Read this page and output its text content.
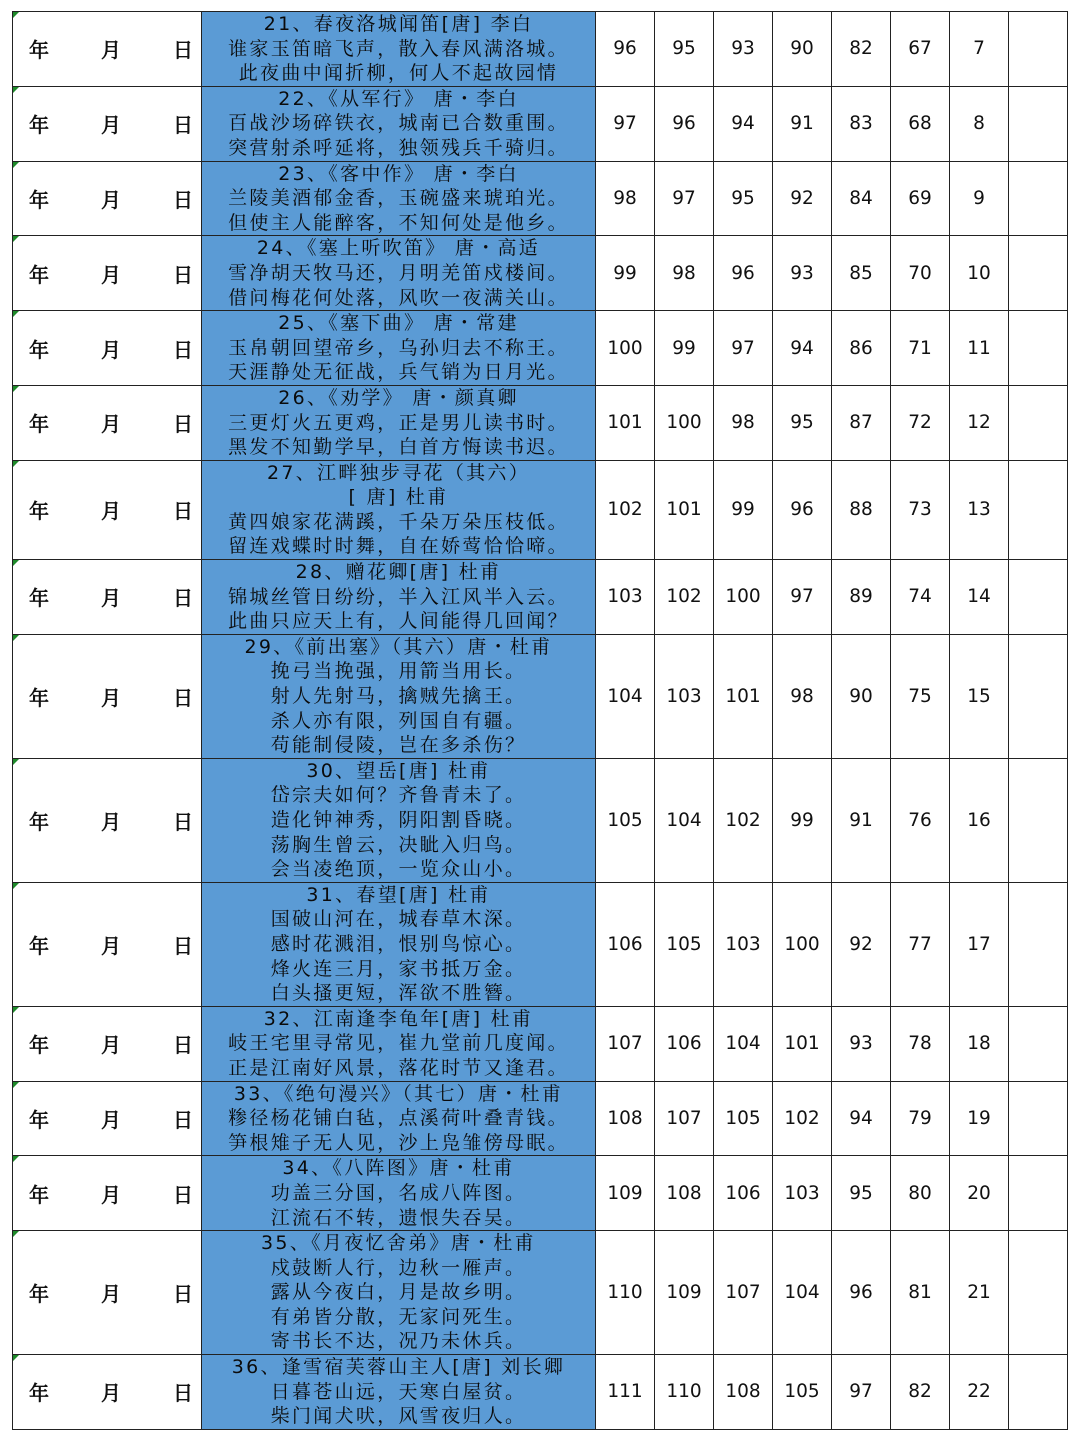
年 月 日	21、春夜洛城闻笛[唐] 李白
谁家玉笛暗飞声，散入春风满洛城。
此夜曲中闻折柳，何人不起故园情	96	95	93	90	82	67	7	

年 月 日	22、《从军行》 唐・李白
百战沙场碎铁衣，城南已合数重围。
突营射杀呼延将，独领残兵千骑归。	97	96	94	91	83	68	8	

年 月 日	23、《客中作》 唐・李白
兰陵美酒郁金香，玉碗盛来琥珀光。
但使主人能醉客，不知何处是他乡。	98	97	95	92	84	69	9	

年 月 日	24、《塞上听吹笛》 唐・高适
雪净胡天牧马还，月明羌笛戍楼间。
借问梅花何处落，风吹一夜满关山。	99	98	96	93	85	70	10	

年 月 日	25、《塞下曲》 唐・常建
玉帛朝回望帝乡，乌孙归去不称王。
天涯静处无征战，兵气销为日月光。	100	99	97	94	86	71	11	

年 月 日	26、《劝学》 唐・颜真卿
三更灯火五更鸡，正是男儿读书时。
黑发不知勤学早，白首方悔读书迟。	101	100	98	95	87	72	12	

年 月 日	27、江畔独步寻花（其六）
[ 唐] 杜甫
黄四娘家花满蹊，千朵万朵压枝低。
留连戏蝶时时舞，自在娇莺恰恰啼。	102	101	99	96	88	73	13	

年 月 日	28、赠花卿[唐] 杜甫
锦城丝管日纷纷，半入江风半入云。
此曲只应天上有，人间能得几回闻？	103	102	100	97	89	74	14	

年 月 日	29、《前出塞》（其六）唐・杜甫
挽弓当挽强，用箭当用长。
射人先射马，擒贼先擒王。
杀人亦有限，列国自有疆。
苟能制侵陵，岂在多杀伤？	104	103	101	98	90	75	15	

年 月 日	30、望岳[唐] 杜甫
岱宗夫如何？齐鲁青未了。
造化钟神秀，阴阳割昏晓。
荡胸生曾云，决眦入归鸟。
会当凌绝顶，一览众山小。	105	104	102	99	91	76	16	

年 月 日	31、春望[唐] 杜甫
国破山河在，城春草木深。
感时花溅泪，恨别鸟惊心。
烽火连三月，家书抵万金。
白头搔更短，浑欲不胜簪。	106	105	103	100	92	77	17	

年 月 日	32、江南逢李龟年[唐] 杜甫
岐王宅里寻常见，崔九堂前几度闻。
正是江南好风景，落花时节又逢君。	107	106	104	101	93	78	18	

年 月 日	33、《绝句漫兴》（其七）唐・杜甫
糁径杨花铺白毡，点溪荷叶叠青钱。
笋根雉子无人见，沙上凫雏傍母眠。	108	107	105	102	94	79	19	

年 月 日	34、《八阵图》唐・杜甫
功盖三分国，名成八阵图。
江流石不转，遗恨失吞吴。	109	108	106	103	95	80	20	

年 月 日	35、《月夜忆舍弟》唐・杜甫
戍鼓断人行，边秋一雁声。
露从今夜白，月是故乡明。
有弟皆分散，无家问死生。
寄书长不达，况乃未休兵。	110	109	107	104	96	81	21	

年 月 日	36、逢雪宿芙蓉山主人[唐] 刘长卿
日暮苍山远，天寒白屋贫。
柴门闻犬吠，风雪夜归人。	111	110	108	105	97	82	22	
